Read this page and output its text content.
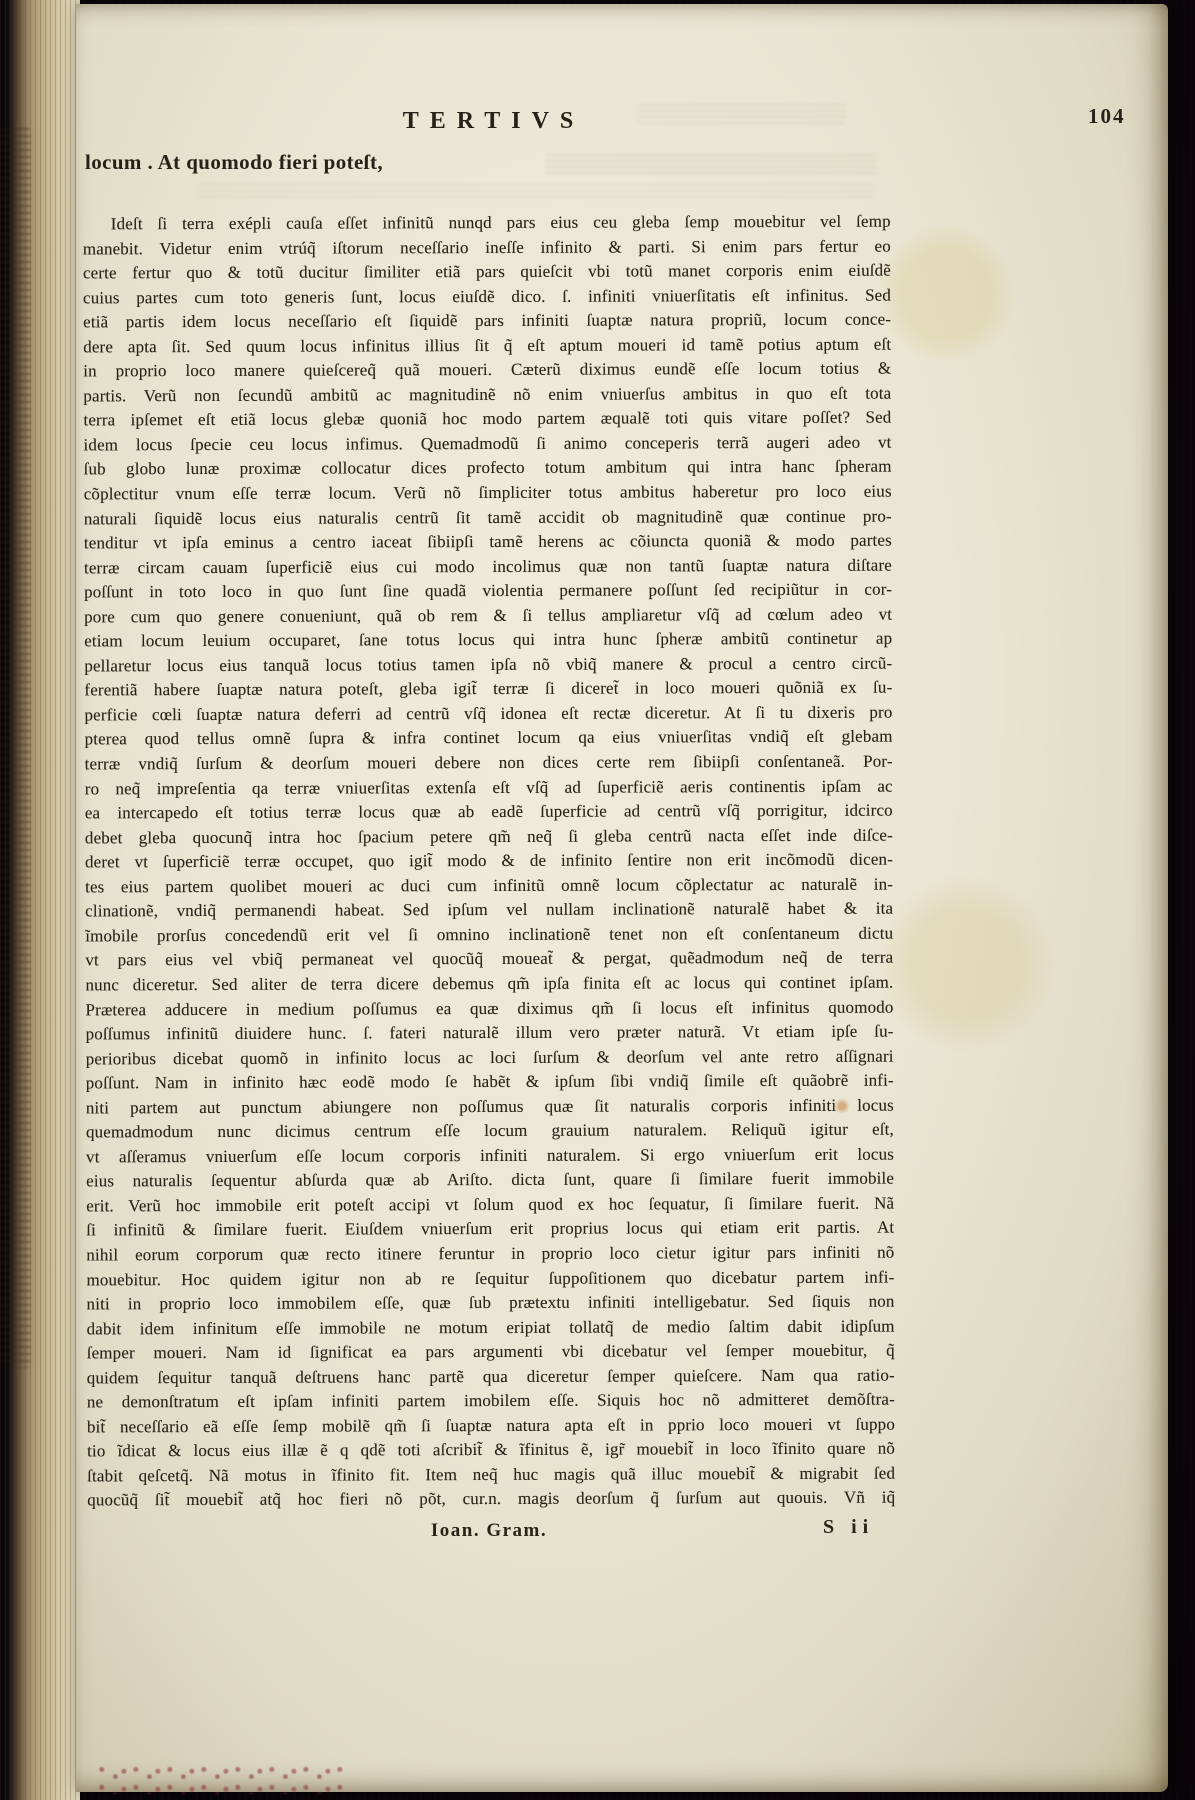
TERTIVS	104
locum . At quomodo fieri poteſt,
Ideſt ſi terra exépli cauſa eſſet infinitũ nunqd pars eius ceu gleba ſemp mouebitur vel ſemp
manebit. Videtur enim vtrúq̃ iſtorum neceſſario ineſſe infinito & parti. Si enim pars fertur eo
certe fertur quo & totũ ducitur ſimiliter etiã pars quieſcit vbi totũ manet corporis enim eiuſdẽ
cuius partes cum toto generis ſunt, locus eiuſdẽ dico. ſ. infiniti vniuerſitatis eſt infinitus. Sed
etiã partis idem locus neceſſario eſt ſiquidẽ pars infiniti ſuaptæ natura propriũ, locum conce-
dere apta ſit. Sed quum locus infinitus illius ſit q̃ eſt aptum moueri id tamẽ potius aptum eſt
in proprio loco manere quieſcereq̃ quã moueri. Cæterũ diximus eundẽ eſſe locum totius &
partis. Verũ non ſecundũ ambitũ ac magnitudinẽ nõ enim vniuerſus ambitus in quo eſt tota
terra ipſemet eſt etiã locus glebæ quoniã hoc modo partem æqualẽ toti quis vitare poſſet? Sed
idem locus ſpecie ceu locus infimus. Quemadmodũ ſi animo conceperis terrã augeri adeo vt
ſub globo lunæ proximæ collocatur dices profecto totum ambitum qui intra hanc ſpheram
cõplectitur vnum eſſe terræ locum. Verũ nõ ſimpliciter totus ambitus haberetur pro loco eius
naturali ſiquidẽ locus eius naturalis centrũ ſit tamẽ accidit ob magnitudinẽ quæ continue pro-
tenditur vt ipſa eminus a centro iaceat ſibiipſi tamẽ herens ac cõiuncta quoniã & modo partes
terræ circam cauam ſuperficiẽ eius cui modo incolimus quæ non tantũ ſuaptæ natura diſtare
poſſunt in toto loco in quo ſunt ſine quadã violentia permanere poſſunt ſed recipiũtur in cor-
pore cum quo genere conueniunt, quã ob rem & ſi tellus ampliaretur vſq̃ ad cœlum adeo vt
etiam locum leuium occuparet, ſane totus locus qui intra hunc ſpheræ ambitũ continetur ap
pellaretur locus eius tanquã locus totius tamen ipſa nõ vbiq̃ manere & procul a centro circũ-
ferentiã habere ſuaptæ natura poteſt, gleba igit̃ terræ ſi diceret̃ in loco moueri quõniã ex ſu-
perficie cœli ſuaptæ natura deferri ad centrũ vſq̃ idonea eſt rectæ diceretur. At ſi tu dixeris pro
pterea quod tellus omnẽ ſupra & infra continet locum qa eius vniuerſitas vndiq̃ eſt glebam
terræ vndiq̃ ſurſum & deorſum moueri debere non dices certe rem ſibiipſi conſentaneã. Por-
ro neq̃ impreſentia qa terræ vniuerſitas extenſa eſt vſq̃ ad ſuperficiẽ aeris continentis ipſam ac
ea intercapedo eſt totius terræ locus quæ ab eadẽ ſuperficie ad centrũ vſq̃ porrigitur, idcirco
debet gleba quocunq̃ intra hoc ſpacium petere qm̃ neq̃ ſi gleba centrũ nacta eſſet inde diſce-
deret vt ſuperficiẽ terræ occupet, quo igit̃ modo & de infinito ſentire non erit incõmodũ dicen-
tes eius partem quolibet moueri ac duci cum infinitũ omnẽ locum cõplectatur ac naturalẽ in-
clinationẽ, vndiq̃ permanendi habeat. Sed ipſum vel nullam inclinationẽ naturalẽ habet & ita
ĩmobile prorſus concedendũ erit vel ſi omnino inclinationẽ tenet non eſt conſentaneum dictu
vt pars eius vel vbiq̃ permaneat vel quocũq̃ moueat̃ & pergat, quẽadmodum neq̃ de terra
nunc diceretur. Sed aliter de terra dicere debemus qm̃ ipſa finita eſt ac locus qui continet ipſam.
Præterea adducere in medium poſſumus ea quæ diximus qm̃ ſi locus eſt infinitus quomodo
poſſumus infinitũ diuidere hunc. ſ. fateri naturalẽ illum vero præter naturã. Vt etiam ipſe ſu-
perioribus dicebat quomõ in infinito locus ac loci ſurſum & deorſum vel ante retro aſſignari
poſſunt. Nam in infinito hæc eodẽ modo ſe habẽt & ipſum ſibi vndiq̃ ſimile eſt quãobrẽ infi-
niti partem aut punctum abiungere non poſſumus quæ ſit naturalis corporis infiniti locus
quemadmodum nunc dicimus centrum eſſe locum grauium naturalem. Reliquũ igitur eſt,
vt aſſeramus vniuerſum eſſe locum corporis infiniti naturalem. Si ergo vniuerſum erit locus
eius naturalis ſequentur abſurda quæ ab Ariſto. dicta ſunt, quare ſi ſimilare fuerit immobile
erit. Verũ hoc immobile erit poteſt accipi vt ſolum quod ex hoc ſequatur, ſi ſimilare fuerit. Nã
ſi infinitũ & ſimilare fuerit. Eiuſdem vniuerſum erit proprius locus qui etiam erit partis. At
nihil eorum corporum quæ recto itinere feruntur in proprio loco cietur igitur pars infiniti nõ
mouebitur. Hoc quidem igitur non ab re ſequitur ſuppoſitionem quo dicebatur partem infi-
niti in proprio loco immobilem eſſe, quæ ſub prætextu infiniti intelligebatur. Sed ſiquis non
dabit idem infinitum eſſe immobile ne motum eripiat tollatq̃ de medio ſaltim dabit idipſum
ſemper moueri. Nam id ſignificat ea pars argumenti vbi dicebatur vel ſemper mouebitur, q̃
quidem ſequitur tanquã deſtruens hanc partẽ qua diceretur ſemper quieſcere. Nam qua ratio-
ne demonſtratum eſt ipſam infiniti partem imobilem eſſe. Siquis hoc nõ admitteret demõſtra-
bit̃ neceſſario eã eſſe ſemp mobilẽ qm̃ ſi ſuaptæ natura apta eſt in pprio loco moueri vt ſuppo
tio ĩdicat & locus eius illæ ẽ q qdẽ toti aſcribit̃ & ĩfinitus ẽ, igr̃ mouebit̃ in loco ĩfinito quare nõ
ſtabit qeſcetq̃. Nã motus in ĩfinito fit. Item neq̃ huc magis quã illuc mouebit̃ & migrabit ſed
quocũq̃ ſit̃ mouebit̃ atq̃ hoc fieri nõ põt, cur.n. magis deorſum q̃ ſurſum aut quouis. Vñ iq̃
Ioan. Gram.	S ii
